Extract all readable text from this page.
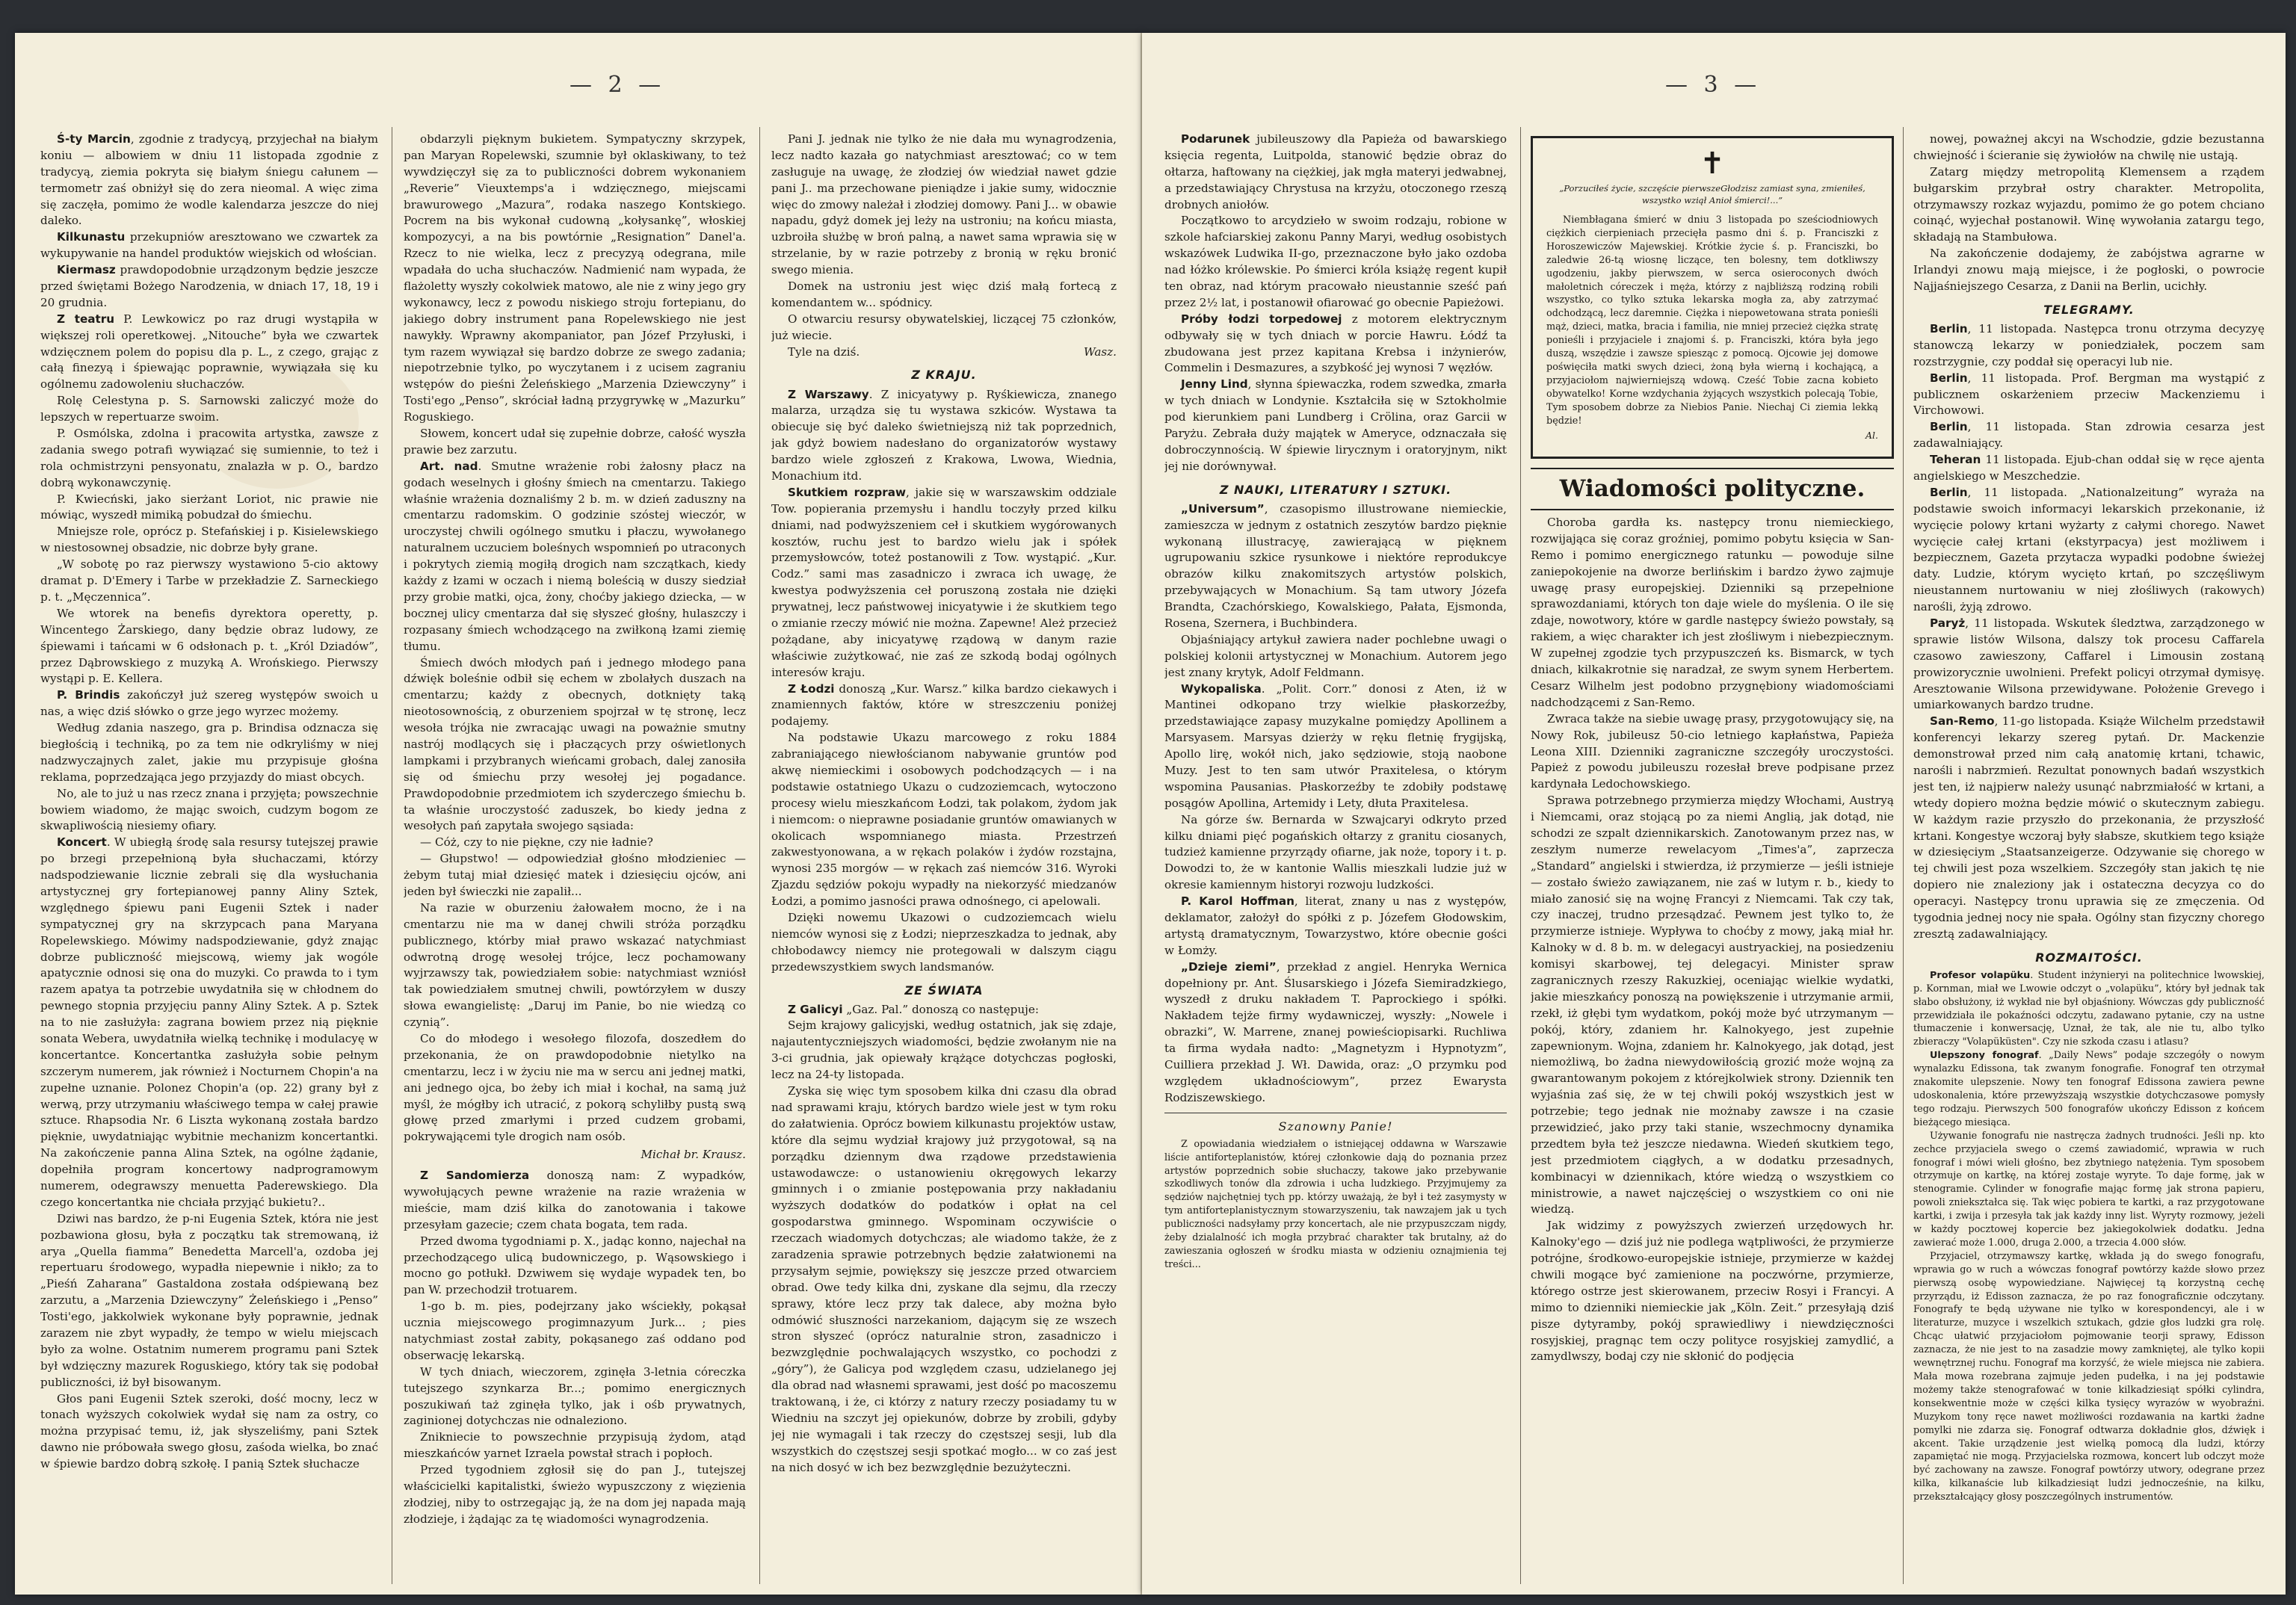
— 2 —

Ś-ty Marcin, zgodnie z tradycyą, przyjechał na białym koniu — albowiem w dniu 11 listopada zgodnie z tradycyą, ziemia pokryta się białym śniegu całunem — termometr zaś obniżył się do zera nieomal. A więc zima się zaczęła, pomimo że wodle kalendarza jeszcze do niej daleko.

Kilkunastu przekupniów aresztowano we czwartek za wykupywanie na handel produktów wiejskich od włościan.

Kiermasz prawdopodobnie urządzonym będzie jeszcze przed świętami Bożego Narodzenia, w dniach 17, 18, 19 i 20 grudnia.

Z teatru P. Lewkowicz po raz drugi wystąpiła w większej roli operetkowej. „Nitouche” była we czwartek wdzięcznem polem do popisu dla p. L., z czego, grając z całą finezyą i śpiewając poprawnie, wywiązała się ku ogólnemu zadowoleniu słuchaczów.

Rolę Celestyna p. S. Sarnowski zaliczyć może do lepszych w repertuarze swoim.

P. Osmólska, zdolna i pracowita artystka, zawsze z zadania swego potrafi wywiązać się sumiennie, to też i rola ochmistrzyni pensyonatu, znalazła w p. O., bardzo dobrą wykonawczynię.

P. Kwiecński, jako sierżant Loriot, nic prawie nie mówiąc, wyszedł mimiką pobudzał do śmiechu.

Mniejsze role, oprócz p. Stefańskiej i p. Kisielewskiego w niestosownej obsadzie, nic dobrze były grane.

„W sobotę po raz pierwszy wystawiono 5-cio aktowy dramat p. D'Emery i Tarbe w przekładzie Z. Sarneckiego p. t. „Męczennica”.

We wtorek na benefis dyrektora operetty, p. Wincentego Żarskiego, dany będzie obraz ludowy, ze śpiewami i tańcami w 6 odsłonach p. t. „Król Dziadów”, przez Dąbrowskiego z muzyką A. Wrońskiego. Pierwszy wystąpi p. E. Kellera.

P. Brindis zakończył już szereg występów swoich u nas, a więc dziś słówko o grze jego wyrzec możemy.

Według zdania naszego, gra p. Brindisa odznacza się biegłością i techniką, po za tem nie odkryliśmy w niej nadzwyczajnych zalet, jakie mu przypisuje głośna reklama, poprzedzająca jego przyjazdy do miast obcych.

No, ale to już u nas rzecz znana i przyjęta; powszechnie bowiem wiadomo, że mając swoich, cudzym bogom ze skwapliwością niesiemy ofiary.

Koncert. W ubiegłą środę sala resursy tutejszej prawie po brzegi przepełnioną była słuchaczami, którzy nadspodziewanie licznie zebrali się dla wysłuchania artystycznej gry fortepianowej panny Aliny Sztek, względnego śpiewu pani Eugenii Sztek i nader sympatycznej gry na skrzypcach pana Maryana Ropelewskiego. Mówimy nadspodziewanie, gdyż znając dobrze publiczność miejscową, wiemy jak wogóle apatycznie odnosi się ona do muzyki. Co prawda to i tym razem apatya ta potrzebie uwydatniła się w chłodnem do pewnego stopnia przyjęciu panny Aliny Sztek. A p. Sztek na to nie zasłużyła: zagrana bowiem przez nią pięknie sonata Webera, uwydatniła wielką technikę i modulacyę w koncertantce. Koncertantka zasłużyła sobie pełnym szczerym numerem, jak również i Nocturnem Chopin'a na zupełne uznanie. Polonez Chopin'a (op. 22) grany był z werwą, przy utrzymaniu właściwego tempa w całej prawie sztuce. Rhapsodia Nr. 6 Liszta wykonaną została bardzo pięknie, uwydatniając wybitnie mechanizm koncertantki. Na zakończenie panna Alina Sztek, na ogólne żądanie, dopełniła program koncertowy nadprogramowym numerem, odegrawszy menuetta Paderewskiego. Dla czego koncertantka nie chciała przyjąć bukietu?..

Dziwi nas bardzo, że p-ni Eugenia Sztek, która nie jest pozbawiona głosu, była z początku tak stremowaną, iż arya „Quella fiamma” Benedetta Marcell'a, ozdoba jej repertuaru środowego, wypadła niepewnie i nikło; za to „Pieśń Zaharana” Gastaldona została odśpiewaną bez zarzutu, a „Marzenia Dziewczyny” Żeleńskiego i „Penso” Tosti'ego, jakkolwiek wykonane były poprawnie, jednak zarazem nie zbyt wypadły, że tempo w wielu miejscach było za wolne. Ostatnim numerem programu pani Sztek był wdzięczny mazurek Roguskiego, który tak się podobał publiczności, iż był bisowanym.

Głos pani Eugenii Sztek szeroki, dość mocny, lecz w tonach wyższych cokolwiek wydał się nam za ostry, co można przypisać temu, iż, jak słyszeliśmy, pani Sztek dawno nie próbowała swego głosu, zaśoda wielka, bo znać w śpiewie bardzo dobrą szkołę. I panią Sztek słuchacze

obdarzyli pięknym bukietem. Sympatyczny skrzypek, pan Maryan Ropelewski, szumnie był oklaskiwany, to też wywdzięczył się za to publiczności dobrem wykonaniem „Reverie” Vieuxtemps'a i wdzięcznego, miejscami brawurowego „Mazura”, rodaka naszego Kontskiego. Pocrem na bis wykonał cudowną „kołysankę”, włoskiej kompozycyi, a na bis powtórnie „Resignation” Danel'a. Rzecz to nie wielka, lecz z precyzyą odegrana, mile wpadała do ucha słuchaczów. Nadmienić nam wypada, że flażoletty wyszły cokolwiek matowo, ale nie z winy jego gry wykonawcy, lecz z powodu niskiego stroju fortepianu, do jakiego dobry instrument pana Ropelewskiego nie jest nawykły. Wprawny akompaniator, pan Józef Przyłuski, i tym razem wywiązał się bardzo dobrze ze swego zadania; niepotrzebnie tylko, po wyczytanem i z ucisem zagraniu wstępów do pieśni Żeleńskiego „Marzenia Dziewczyny” i Tosti'ego „Penso”, skróciał ładną przygrywkę w „Mazurku” Roguskiego.

Słowem, koncert udał się zupełnie dobrze, całość wyszła prawie bez zarzutu.

Art. nad. Smutne wrażenie robi żałosny płacz na godach weselnych i głośny śmiech na cmentarzu. Takiego właśnie wrażenia doznaliśmy 2 b. m. w dzień zaduszny na cmentarzu radomskim. O godzinie szóstej wieczór, w uroczystej chwili ogólnego smutku i płaczu, wywołanego naturalnem uczuciem boleśnych wspomnień po utraconych i pokrytych ziemią mogiłą drogich nam szczątkach, kiedy każdy z łzami w oczach i niemą boleścią w duszy siedział przy grobie matki, ojca, żony, choćby jakiego dziecka, — w bocznej ulicy cmentarza dał się słyszeć głośny, hulaszczy i rozpasany śmiech wchodzącego na zwiłkoną łzami ziemię tłumu.

Śmiech dwóch młodych pań i jednego młodego pana dźwięk boleśnie odbił się echem w zbolałych duszach na cmentarzu; każdy z obecnych, dotknięty taką nieotosownością, z oburzeniem spojrzał w tę stronę, lecz wesoła trójka nie zwracając uwagi na poważnie smutny nastrój modlących się i płaczących przy oświetlonych lampkami i przybranych wieńcami grobach, dalej zanosiła się od śmiechu przy wesołej jej pogadance. Prawdopodobnie przedmiotem ich szyderczego śmiechu b. ta właśnie uroczystość zaduszek, bo kiedy jedna z wesołych pań zapytała swojego sąsiada:

— Cóż, czy to nie piękne, czy nie ładnie?

— Głupstwo! — odpowiedział głośno młodzieniec — żebym tutaj miał dziesięć matek i dziesięciu ojców, ani jeden był świeczki nie zapalił...

Na razie w oburzeniu żałowałem mocno, że i na cmentarzu nie ma w danej chwili stróża porządku publicznego, którby miał prawo wskazać natychmiast odwrotną drogę wesołej trójce, lecz pochamowany wyjrzawszy tak, powiedziałem sobie: natychmiast wzniósł tak powiedziałem smutnej chwili, powtórzyłem w duszy słowa ewangielistę: „Daruj im Panie, bo nie wiedzą co czynią”.

Co do młodego i wesołego filozofa, doszedłem do przekonania, że on prawdopodobnie nietylko na cmentarzu, lecz i w życiu nie ma w sercu ani jednej matki, ani jednego ojca, bo żeby ich miał i kochał, na samą już myśl, że mógłby ich utracić, z pokorą schyliłby pustą swą głowę przed zmarłymi i przed cudzem grobami, pokrywającemi tyle drogich nam osób.

Michał br. Krausz.

Z Sandomierza donoszą nam: Z wypadków, wywołujących pewne wrażenie na razie wrażenia w mieście, mam dziś kilka do zanotowania i takowe przesyłam gazecie; czem chata bogata, tem rada.

Przed dwoma tygodniami p. X., jadąc konno, najechał na przechodzącego ulicą budowniczego, p. Wąsowskiego i mocno go potłukł. Dzwiwem się wydaje wypadek ten, bo pan W. przechodził trotuarem.

1-go b. m. pies, podejrzany jako wściekły, pokąsał ucznia miejscowego progimnazyum Jurk... ; pies natychmiast został zabity, pokąsanego zaś oddano pod obserwację lekarską.

W tych dniach, wieczorem, zginęła 3-letnia córeczka tutejszego szynkarza Br...; pomimo energicznych poszukiwań taż zginęła tylko, jak i ośb prywatnych, zaginionej dotychczas nie odnaleziono.

Znikniecie to powszechnie przypisują żydom, atąd mieszkańców yarnet Izraela powstał strach i popłoch.

Przed tygodniem zgłosił się do pan J., tutejszej właścicielki kapitalistki, świeżo wypuszczony z więzienia złodziej, niby to ostrzegając ją, że na dom jej napada mają złodzieje, i żądając za tę wiadomości wynagrodzenia.

Pani J. jednak nie tylko że nie dała mu wynagrodzenia, lecz nadto kazała go natychmiast aresztować; co w tem zasługuje na uwagę, że złodziej ów wiedział nawet gdzie pani J.. ma przechowane pieniądze i jakie sumy, widocznie więc do zmowy należał i złodziej domowy. Pani J... w obawie napadu, gdyż domek jej leży na ustroniu; na końcu miasta, uzbroiła służbę w broń palną, a nawet sama wprawia się w strzelanie, by w razie potrzeby z bronią w ręku bronić swego mienia.

Domek na ustroniu jest więc dziś małą fortecą z komendantem w... spódnicy.

O otwarciu resursy obywatelskiej, liczącej 75 członków, już wiecie.

Tyle na dziś.	Wasz.

Z KRAJU.

Z Warszawy. Z inicyatywy p. Ryśkiewicza, znanego malarza, urządza się tu wystawa szkiców. Wystawa ta obiecuje się być daleko świetniejszą niż tak poprzednich, jak gdyż bowiem nadesłano do organizatorów wystawy bardzo wiele zgłoszeń z Krakowa, Lwowa, Wiednia, Monachium itd.

Skutkiem rozpraw, jakie się w warszawskim oddziale Tow. popierania przemysłu i handlu toczyły przed kilku dniami, nad podwyższeniem ceł i skutkiem wygórowanych kosztów, ruchu jest to bardzo wielu jak i spółek przemysłowców, toteż postanowili z Tow. wystąpić. „Kur. Codz.” sami mas zasadniczo i zwraca ich uwagę, że kwestya podwyższenia ceł poruszoną została nie dzięki prywatnej, lecz państwowej inicyatywie i że skutkiem tego o zmianie rzeczy mówić nie można. Zapewne! Ależ przecież pożądane, aby inicyatywę rządową w danym razie właściwie zużytkować, nie zaś ze szkodą bodaj ogólnych interesów kraju.

Z Łodzi donoszą „Kur. Warsz.” kilka bardzo ciekawych i znamiennych faktów, które w streszczeniu poniżej podajemy.

Na podstawie Ukazu marcowego z roku 1884 zabraniającego niewłościanom nabywanie gruntów pod akwę niemieckimi i osobowych podchodzących — i na podstawie ostatniego Ukazu o cudzoziemcach, wytoczono procesy wielu mieszkańcom Łodzi, tak polakom, żydom jak i niemcom: o nieprawne posiadanie gruntów omawianych w okolicach wspomnianego miasta. Przestrzeń zakwestyonowana, a w rękach polaków i żydów rozstajna, wynosi 235 morgów — w rękach zaś niemców 316. Wyroki Zjazdu sędziów pokoju wypadły na niekorzyść miedzanów Łodzi, a pomimo jasności prawa odnośnego, ci apelowali.

Dzięki nowemu Ukazowi o cudzoziemcach wielu niemców wynosi się z Łodzi; nieprzeszkadza to jednak, aby chłobodawcy niemcy nie protegowali w dalszym ciągu przedewszystkiem swych landsmanów.

ZE ŚWIATA

Z Galicyi „Gaz. Pal.” donoszą co następuje:

Sejm krajowy galicyjski, według ostatnich, jak się zdaje, najautentyczniejszych wiadomości, będzie zwołanym nie na 3-ci grudnia, jak opiewały krążące dotychczas pogłoski, lecz na 24-ty listopada.

Zyska się więc tym sposobem kilka dni czasu dla obrad nad sprawami kraju, których bardzo wiele jest w tym roku do załatwienia. Oprócz bowiem kilkunastu projektów ustaw, które dla sejmu wydział krajowy już przygotował, są na porządku dziennym dwa rządowe przedstawienia ustawodawcze: o ustanowieniu okręgowych lekarzy gminnych i o zmianie postępowania przy nakładaniu wyższych dodatków do podatków i opłat na cel gospodarstwa gminnego. Wspominam oczywiście o rzeczach wiadomych dotychczas; ale wiadomo także, że z zaradzenia sprawie potrzebnych będzie załatwionemi na przysałym sejmie, powiększy się jeszcze przed otwarciem obrad. Owe tedy kilka dni, zyskane dla sejmu, dla rzeczy sprawy, które lecz przy tak dalece, aby można było odmówić słuszności narzekaniom, dającym się ze wszech stron słyszeć (oprócz naturalnie stron, zasadniczo i bezwzględnie pochwalających wszystko, co pochodzi z „góry”), że Galicya pod względem czasu, udzielanego jej dla obrad nad własnemi sprawami, jest dość po macoszemu traktowaną, i że, ci którzy z natury rzeczy posiadamy tu w Wiedniu na szczyt jej opiekunów, dobrze by zrobili, gdyby jej nie wymagali i tak rzeczy do częstszej sesji, lub dla wszystkich do częstszej sesji spotkać mogło... w co zaś jest na nich dosyć w ich bez bezwzględnie bezużyteczni.

— 3 —

Podarunek jubileuszowy dla Papieża od bawarskiego księcia regenta, Luitpolda, stanowić będzie obraz do ołtarza, haftowany na ciężkiej, jak mgła materyi jedwabnej, a przedstawiający Chrystusa na krzyżu, otoczonego rzeszą drobnych aniołów.

Początkowo to arcydzieło w swoim rodzaju, robione w szkole hafciarskiej zakonu Panny Maryi, według osobistych wskazówek Ludwika II-go, przeznaczone było jako ozdoba nad łóżko królewskie. Po śmierci króla książę regent kupił ten obraz, nad którym pracowało nieustannie sześć pań przez 2½ lat, i postanowił ofiarować go obecnie Papieżowi.

Próby łodzi torpedowej z motorem elektrycznym odbywały się w tych dniach w porcie Hawru. Łódź ta zbudowana jest przez kapitana Krebsa i inżynierów, Commelin i Desmazures, a szybkość jej wynosi 7 węzłów.

Jenny Lind, słynna śpiewaczka, rodem szwedka, zmarła w tych dniach w Londynie. Kształciła się w Sztokholmie pod kierunkiem pani Lundberg i Crölina, oraz Garcii w Paryżu. Zebrała duży majątek w Ameryce, odznaczała się dobroczynnością. W śpiewie lirycznym i oratoryjnym, nikt jej nie dorównywał.

Z NAUKI, LITERATURY I SZTUKI.

„Universum”, czasopismo illustrowane niemieckie, zamieszcza w jednym z ostatnich zeszytów bardzo pięknie wykonaną illustracyę, zawierającą w pięknem ugrupowaniu szkice rysunkowe i niektóre reprodukcye obrazów kilku znakomitszych artystów polskich, przebywających w Monachium. Są tam utwory Józefa Brandta, Czachórskiego, Kowalskiego, Pałata, Ejsmonda, Rosena, Szernera, i Buchbindera.

Objaśniający artykuł zawiera nader pochlebne uwagi o polskiej kolonii artystycznej w Monachium. Autorem jego jest znany krytyk, Adolf Feldmann.

Wykopaliska. „Polit. Corr.” donosi z Aten, iż w Mantinei odkopano trzy wielkie płaskorzeźby, przedstawiające zapasy muzykalne pomiędzy Apollinem a Marsyasem. Marsyas dzierży w ręku fletnię frygijską, Apollo lirę, wokół nich, jako sędziowie, stoją naobone Muzy. Jest to ten sam utwór Praxitelesa, o którym wspomina Pausanias. Płaskorzeźby te zdobiły podstawę posągów Apollina, Artemidy i Lety, dłuta Praxitelesa.

Na górze św. Bernarda w Szwajcaryi odkryto przed kilku dniami pięć pogańskich ołtarzy z granitu ciosanych, tudzież kamienne przyrządy ofiarne, jak noże, topory i t. p. Dowodzi to, że w kantonie Wallis mieszkali ludzie już w okresie kamiennym historyi rozwoju ludzkości.

P. Karol Hoffman, literat, znany u nas z występów, deklamator, założył do spółki z p. Józefem Głodowskim, artystą dramatycznym, Towarzystwo, które obecnie gości w Łomży.

„Dzieje ziemi”, przekład z angiel. Henryka Wernica dopełniony pr. Ant. Ślusarskiego i Józefa Siemiradzkiego, wyszedł z druku nakładem T. Paprockiego i spółki. Nakładem tejże firmy wydawniczej, wyszły: „Nowele i obrazki”, W. Marrene, znanej powieściopisarki. Ruchliwa ta firma wydała nadto: „Magnetyzm i Hypnotyzm”, Cuilliera przekład J. Wł. Dawida, oraz: „O przymku pod względem układnościowym”, przez Ewarysta Rodziszewskiego.

Szanowny Panie!

Z opowiadania wiedziałem o istniejącej oddawna w Warszawie liście antiforteplanistów, której członkowie dają do poznania przez artystów poprzednich sobie słuchaczy, takowe jako przebywanie szkodliwych tonów dla zdrowia i ucha ludzkiego. Przyjmujemy za sędziów najchętniej tych pp. którzy uważają, że był i też zasymysty w tym antiforteplanistycznym stowarzyszeniu, tak nawzajem jak u tych publiczności nadsyłamy przy koncertach, ale nie przypuszczam nigdy, żeby dzialalność ich mogła przybrać charakter tak brutalny, aż do zawieszania ogłoszeń w środku miasta w odzieniu oznajmienia tej treści...

✝
„Porzuciłeś życie, szczęście pierwszeGłodzisz zamiast syna, zmieniłeś, wszystko wziął Anioł śmierci!...”

Niembłagana śmierć w dniu 3 listopada po sześciodniowych ciężkich cierpieniach przecięła pasmo dni ś. p. Franciszki z Horoszewiczów Majewskiej. Krótkie życie ś. p. Franciszki, bo zaledwie 26-tą wiosnę liczące, ten bolesny, tem dotkliwszy ugodzeniu, jakby pierwszem, w serca osieroconych dwóch małoletnich córeczek i męża, którzy z najbliższą rodziną robili wszystko, co tylko sztuka lekarska mogła za, aby zatrzymać odchodzącą, lecz daremnie. Ciężka i niepowetowana strata ponieśli mąż, dzieci, matka, bracia i familia, nie mniej przecież ciężka stratę ponieśli i przyjaciele i znajomi ś. p. Franciszki, która była jego duszą, wszędzie i zawsze spiesząc z pomocą. Ojcowie jej domowe poświęciła matki swych dzieci, żoną była wierną i kochającą, a przyjaciołom najwierniejszą wdową. Cześć Tobie zacna kobieto obywatelko! Korne wzdychania żyjących wszystkich polecają Tobie, Tym sposobem dobrze za Niebios Panie. Niechaj Ci ziemia lekką będzie!

Al.
Wiadomości polityczne.

Choroba gardła ks. następcy tronu niemieckiego, rozwijająca się coraz groźniej, pomimo pobytu księcia w San-Remo i pomimo energicznego ratunku — powoduje silne zaniepokojenie na dworze berlińskim i bardzo żywo zajmuje uwagę prasy europejskiej. Dzienniki są przepełnione sprawozdaniami, których ton daje wiele do myślenia. O ile się zdaje, nowotwory, które w gardle następcy świeżo powstały, są rakiem, a więc charakter ich jest złośliwym i niebezpiecznym. W zupełnej zgodzie tych przypuszczeń ks. Bismarck, w tych dniach, kilkakrotnie się naradzał, ze swym synem Herbertem. Cesarz Wilhelm jest podobno przygnębiony wiadomościami nadchodzącemi z San-Remo.

Zwraca także na siebie uwagę prasy, przygotowujący się, na Nowy Rok, jubileusz 50-cio letniego kapłaństwa, Papieża Leona XIII. Dzienniki zagraniczne szczegóły uroczystości. Papież z powodu jubileuszu rozesłał breve podpisane przez kardynała Ledochowskiego.

Sprawa potrzebnego przymierza między Włochami, Austryą i Niemcami, oraz stojącą po za niemi Anglią, jak dotąd, nie schodzi ze szpalt dziennikarskich. Zanotowanym przez nas, w zeszłym numerze rewelacyom „Times'a”, zaprzecza „Standard” angielski i stwierdza, iż przymierze — jeśli istnieje — zostało świeżo zawiązanem, nie zaś w lutym r. b., kiedy to miało zanosić się na wojnę Francyi z Niemcami. Tak czy tak, czy inaczej, trudno przesądzać. Pewnem jest tylko to, że przymierze istnieje. Wypływa to choćby z mowy, jaką miał hr. Kalnoky w d. 8 b. m. w delegacyi austryackiej, na posiedzeniu komisyi skarbowej, tej delegacyi. Minister spraw zagranicznych rzeszy Rakuzkiej, oceniając wielkie wydatki, jakie mieszkańcy ponoszą na powiększenie i utrzymanie armii, rzekł, iż głębi tym wydatkom, pokój może być utrzymanym — pokój, który, zdaniem hr. Kalnokyego, jest zupełnie zapewnionym. Wojna, zdaniem hr. Kalnokyego, jak dotąd, jest niemożliwą, bo żadna niewydowiłością grozić może wojną za gwarantowanym pokojem z którejkolwiek strony. Dziennik ten wyjaśnia zaś się, że w tej chwili pokój wszystkich jest w potrzebie; tego jednak nie możnaby zawsze i na czasie przewidzieć, jako przy taki stanie, wszechmocny dynamika przedtem była też jeszcze niedawna. Wiedeń skutkiem tego, jest przedmiotem ciągłych, a w dodatku przesadnych, kombinacyi w dziennikach, które wiedzą o wszystkiem co ministrowie, a nawet najczęściej o wszystkiem co oni nie wiedzą.

Jak widzimy z powyższych zwierzeń urzędowych hr. Kalnoky'ego — dziś już nie podlega wątpliwości, że przymierze potrójne, środkowo-europejskie istnieje, przymierze w każdej chwili mogące być zamienione na poczwórne, przymierze, którego ostrze jest skierowanem, przeciw Rosyi i Francyi. A mimo to dzienniki niemieckie jak „Köln. Zeit.” przesyłają dziś pisze dytyramby, pokój sprawiedliwy i niewdzięczności rosyjskiej, pragnąc tem oczy polityce rosyjskiej zamydlić, a zamydlwszy, bodaj czy nie skłonić do podjęcia

nowej, poważnej akcyi na Wschodzie, gdzie bezustanna chwiejność i ścieranie się żywiołów na chwilę nie ustają.

Zatarg między metropolitą Klemensem a rządem bułgarskim przybrał ostry charakter. Metropolita, otrzymawszy rozkaz wyjazdu, pomimo że go potem chciano coinąć, wyjechał postanowił. Winę wywołania zatargu tego, składają na Stambułowa.

Na zakończenie dodajemy, że zabójstwa agrarne w Irlandyi znowu mają miejsce, i że pogłoski, o powrocie Najjaśniejszego Cesarza, z Danii na Berlin, ucichły.

TELEGRAMY.

Berlin, 11 listopada. Następca tronu otrzyma decyzyę stanowczą lekarzy w poniedziałek, poczem sam rozstrzygnie, czy poddał się operacyi lub nie.

Berlin, 11 listopada. Prof. Bergman ma wystąpić z publicznem oskarżeniem przeciw Mackenziemu i Virchowowi.

Berlin, 11 listopada. Stan zdrowia cesarza jest zadawalniający.

Teheran 11 listopada. Ejub-chan oddał się w ręce ajenta angielskiego w Meszchedzie.

Berlin, 11 listopada. „Nationalzeitung” wyraża na podstawie swoich informacyi lekarskich przekonanie, iż wycięcie polowy krtani wyżarty z całymi chorego. Nawet wycięcie całej krtani (ekstyrpacya) jest możliwem i bezpiecznem, Gazeta przytacza wypadki podobne świeżej daty. Ludzie, którym wycięto krtań, po szczęśliwym nieustannem nurtowaniu w niej złośliwych (rakowych) narośli, żyją zdrowo.

Paryż, 11 listopada. Wskutek śledztwa, zarządzonego w sprawie listów Wilsona, dalszy tok procesu Caffarela czasowo zawieszony, Caffarel i Limousin zostaną prowizorycznie uwolnieni. Prefekt policyi otrzymał dymisyę. Aresztowanie Wilsona przewidywane. Położenie Grevego i umiarkowanych bardzo trudne.

San-Remo, 11-go listopada. Książe Wilchelm przedstawił konferencyi lekarzy szereg pytań. Dr. Mackenzie demonstrował przed nim całą anatomię krtani, tchawic, narośli i nabrzmień. Rezultat ponownych badań wszystkich jest ten, iż najpierw należy usunąć nabrzmiałość w krtani, a wtedy dopiero można będzie mówić o skutecznym zabiegu. W każdym razie przyszło do przekonania, że przyszłość krtani. Kongestye wczoraj były słabsze, skutkiem tego książe w dziesięciym „Staatsanzeigerze. Odzywanie się chorego w tej chwili jest poza wszelkiem. Szczegóły stan jakich tę nie dopiero nie znaleziony jak i ostateczna decyzya co do operacyi. Następcy tronu uprawia się ze zmęczenia. Od tygodnia jednej nocy nie spała. Ogólny stan fizyczny chorego zresztą zadawalniający.

ROZMAITOŚCI.

Profesor volapüku. Student inżynieryi na politechnice lwowskiej, p. Kornman, miał we Lwowie odczyt o „volapüku”, który był jednak tak słabo obsłużony, iż wykład nie był objaśniony. Wówczas gdy publiczność przewidziała ile pokaźności odczytu, zadawano pytanie, czy na ustne tłumaczenie i konwersację, Uznał, że tak, ale nie tu, albo tylko zbieraczy "Volapüküsten". Czy nie szkoda czasu i atlasu?

Ulepszony fonograf. „Daily News” podaje szczegóły o nowym wynalazku Edissona, tak zwanym fonografie. Fonograf ten otrzymał znakomite ulepszenie. Nowy ten fonograf Edissona zawiera pewne udoskonalenia, które przewyższają wszystkie dotychczasowe pomysły tego rodzaju. Pierwszych 500 fonografów ukończy Edisson z końcem bieżącego miesiąca.

Używanie fonografu nie nastręcza żadnych trudności. Jeśli np. kto zechce przyjaciela swego o czemś zawiadomić, wprawia w ruch fonograf i mówi wieli głośno, bez zbytniego natężenia. Tym sposobem otrzymuje on kartkę, na której zostaje wyryte. To daje formę, jak w stenogramie. Cylinder w fonografie mając formę jak strona papieru, powoli zniekształca się. Tak więc pobiera te kartki, a raz przygotowane kartki, i zwija i przesyła tak jak każdy inny list. Wyryty rozmowy, jeżeli w każdy pocztowej kopercie bez jakiegokolwiek dodatku. Jedna zawierać może 1.000, druga 2.000, a trzecia 4.000 słów.

Przyjaciel, otrzymawszy kartkę, wkłada ją do swego fonografu, wprawia go w ruch a wówczas fonograf powtórzy każde słowo przez pierwszą osobę wypowiedziane. Najwięcej tą korzystną cechę przyrządu, iż Edisson zaznacza, że po raz fonograficznie odczytany. Fonografy te będą używane nie tylko w korespondencyi, ale i w literaturze, muzyce i wszelkich sztukach, gdzie głos ludzki gra rolę. Chcąc ułatwić przyjaciołom pojmowanie teorji sprawy, Edisson zaznacza, że nie jest to na zasadzie mowy zamkniętej, ale tylko kopii wewnętrznej ruchu. Fonograf ma korzyść, że wiele miejsca nie zabiera. Mała mowa rozebrana zajmuje jeden pudełka, i na jej podstawie możemy także stenografować w tonie kilkadziesiąt spółki cylindra, konsekwentnie może w części kilka tysięcy wyrazów w wyobraźni. Muzykom tony ręce nawet możliwości rozdawania na kartki żadne pomylki nie zdarza się. Fonograf odtwarza dokładnie głos, dźwięk i akcent. Takie urządzenie jest wielką pomocą dla ludzi, którzy zapamiętać nie mogą. Przyjacielska rozmowa, koncert lub odczyt może być zachowany na zawsze. Fonograf powtórzy utwory, odegrane przez kilka, kilkanaście lub kilkadziesiąt ludzi jednocześnie, na kilku, przekształcający głosy poszczególnych instrumentów.
